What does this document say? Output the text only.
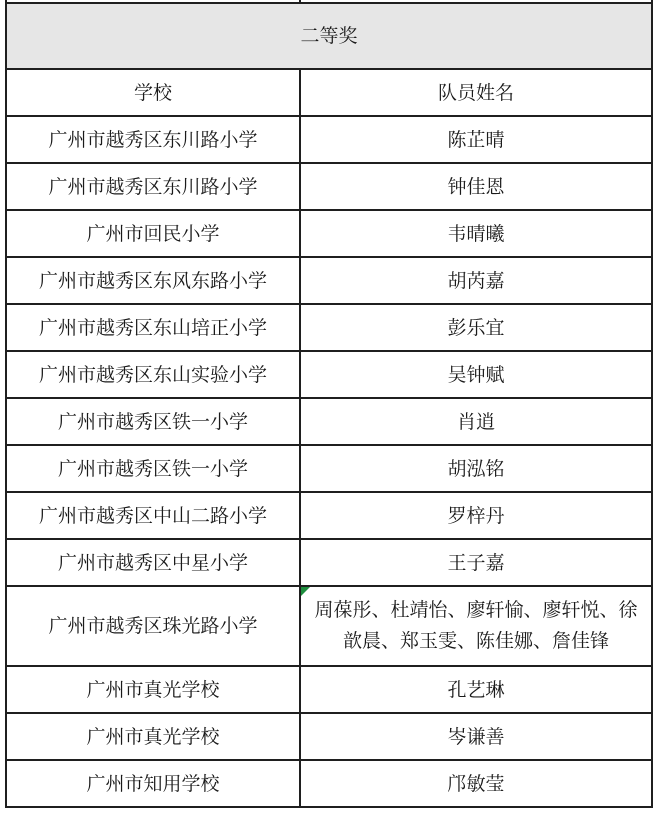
二等奖	
学校	队员姓名
广州市越秀区东川路小学	陈芷晴
广州市越秀区东川路小学	钟佳恩
广州市回民小学	韦晴曦
广州市越秀区东风东路小学	胡芮嘉
广州市越秀区东山培正小学	彭乐宜
广州市越秀区东山实验小学	吴钟赋
广州市越秀区铁一小学	肖逍
广州市越秀区铁一小学	胡泓铭
广州市越秀区中山二路小学	罗梓丹
广州市越秀区中星小学	王子嘉
广州市越秀区珠光路小学	周葆彤、杜靖怡、廖轩愉、廖轩悦、徐歆晨、郑玉雯、陈佳娜、詹佳锋
广州市真光学校	孔艺琳
广州市真光学校	岑谦善
广州市知用学校	邝敏莹
